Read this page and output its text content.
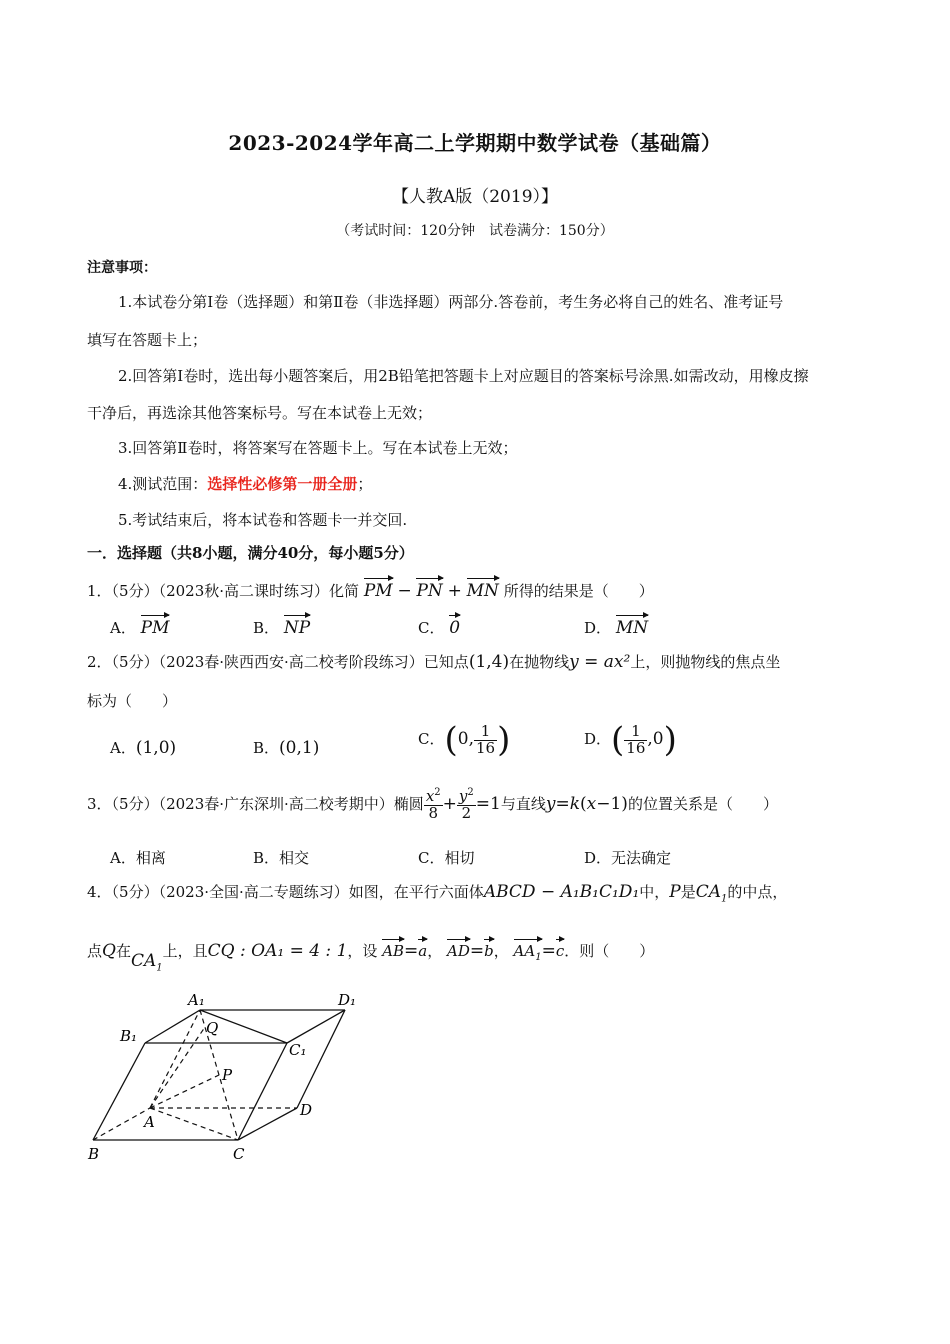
2023-2024学年高二上学期期中数学试卷（基础篇）
【人教A版（2019）】
（考试时间：120分钟　试卷满分：150分）
注意事项：
1.本试卷分第Ⅰ卷（选择题）和第Ⅱ卷（非选择题）两部分.答卷前，考生务必将自己的姓名、准考证号
填写在答题卡上；
2.回答第Ⅰ卷时，选出每小题答案后，用2B铅笔把答题卡上对应题目的答案标号涂黑.如需改动，用橡皮擦
干净后，再选涂其他答案标号。写在本试卷上无效；
3.回答第Ⅱ卷时，将答案写在答题卡上。写在本试卷上无效；
4.测试范围：选择性必修第一册全册；
5.考试结束后，将本试卷和答题卡一并交回.
一．选择题（共8小题，满分40分，每小题5分）
1．（5分）（2023秋·高二课时练习）化简 PM − PN + MN 所得的结果是（　　）
A． PM	B． NP	C． 0	D． MN
2．（5分）（2023春·陕西西安·高二校考阶段练习）已知点(1,4)在抛物线y = ax²上，则抛物线的焦点坐
标为（　　）
A．(1,0)	B．(0,1)	C．(0, $\frac{1}{16}$ )	D．( $\frac{1}{16} ,0$)
3．（5分）（2023春·广东深圳·高二校考期中）椭圆 $\frac{x^2}{8} + \frac{y^2}{2} =1$与直线y=k(x−1)的位置关系是（　　）
A．相离	B．相交	C．相切	D．无法确定
4．（5分）（2023·全国·高二专题练习）如图，在平行六面体ABCD − A₁B₁C₁D₁中，P是$CA_1$的中点，
点Q在$CA_1$上，且CQ : OA₁ = 4 : 1，设 AB=a， AD=b， $AA_1=c$．则（　　）
A₁	D₁
B₁	Q
C₁
P
A
D
B	C
